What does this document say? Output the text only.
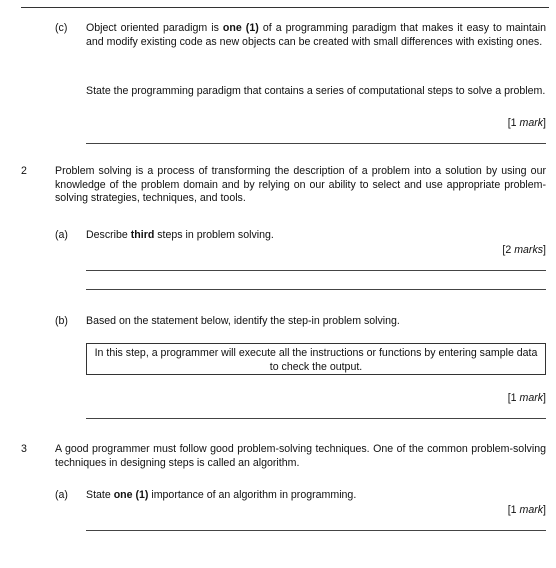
(c) Object oriented paradigm is one (1) of a programming paradigm that makes it easy to maintain and modify existing code as new objects can be created with small differences with existing ones.
State the programming paradigm that contains a series of computational steps to solve a problem.
[1 mark]
2	Problem solving is a process of transforming the description of a problem into a solution by using our knowledge of the problem domain and by relying on our ability to select and use appropriate problem-solving strategies, techniques, and tools.
(a) Describe third steps in problem solving.
[2 marks]
(b) Based on the statement below, identify the step-in problem solving.
In this step, a programmer will execute all the instructions or functions by entering sample data to check the output.
[1 mark]
3	A good programmer must follow good problem-solving techniques. One of the common problem-solving techniques in designing steps is called an algorithm.
(a) State one (1) importance of an algorithm in programming.
[1 mark]
